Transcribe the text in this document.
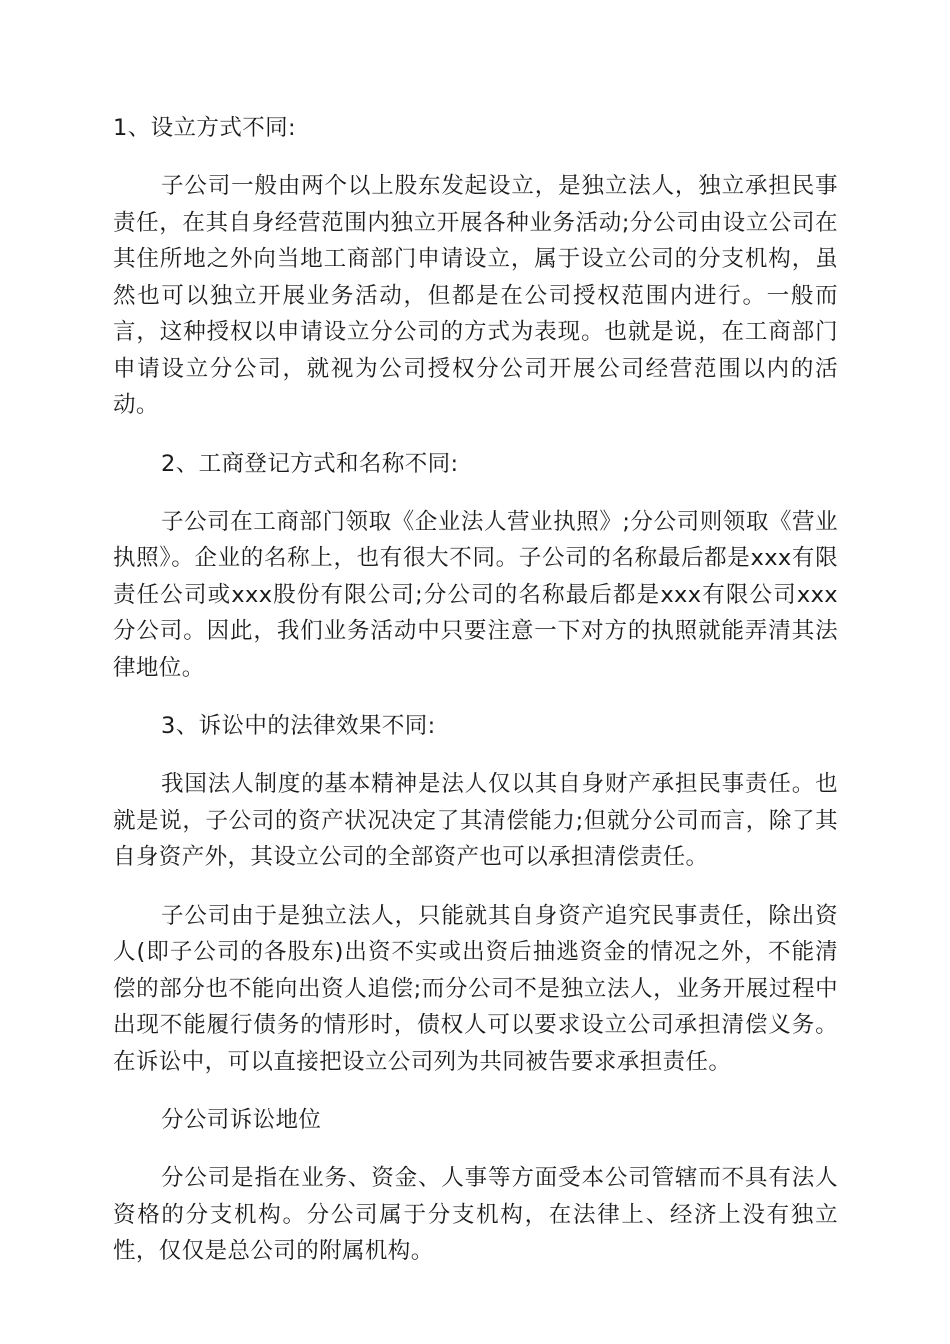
1、设立方式不同:

子公司一般由两个以上股东发起设立，是独立法人，独立承担民事责任，在其自身经营范围内独立开展各种业务活动;分公司由设立公司在其住所地之外向当地工商部门申请设立，属于设立公司的分支机构，虽然也可以独立开展业务活动，但都是在公司授权范围内进行。一般而言，这种授权以申请设立分公司的方式为表现。也就是说，在工商部门申请设立分公司，就视为公司授权分公司开展公司经营范围以内的活动。

2、工商登记方式和名称不同:

子公司在工商部门领取《企业法人营业执照》;分公司则领取《营业执照》。企业的名称上，也有很大不同。子公司的名称最后都是xxx有限责任公司或xxx股份有限公司;分公司的名称最后都是xxx有限公司xxx分公司。因此，我们业务活动中只要注意一下对方的执照就能弄清其法律地位。

3、诉讼中的法律效果不同:

我国法人制度的基本精神是法人仅以其自身财产承担民事责任。也就是说，子公司的资产状况决定了其清偿能力;但就分公司而言，除了其自身资产外，其设立公司的全部资产也可以承担清偿责任。

子公司由于是独立法人，只能就其自身资产追究民事责任，除出资人(即子公司的各股东)出资不实或出资后抽逃资金的情况之外，不能清偿的部分也不能向出资人追偿;而分公司不是独立法人，业务开展过程中出现不能履行债务的情形时，债权人可以要求设立公司承担清偿义务。在诉讼中，可以直接把设立公司列为共同被告要求承担责任。

分公司诉讼地位

分公司是指在业务、资金、人事等方面受本公司管辖而不具有法人资格的分支机构。分公司属于分支机构，在法律上、经济上没有独立性，仅仅是总公司的附属机构。
